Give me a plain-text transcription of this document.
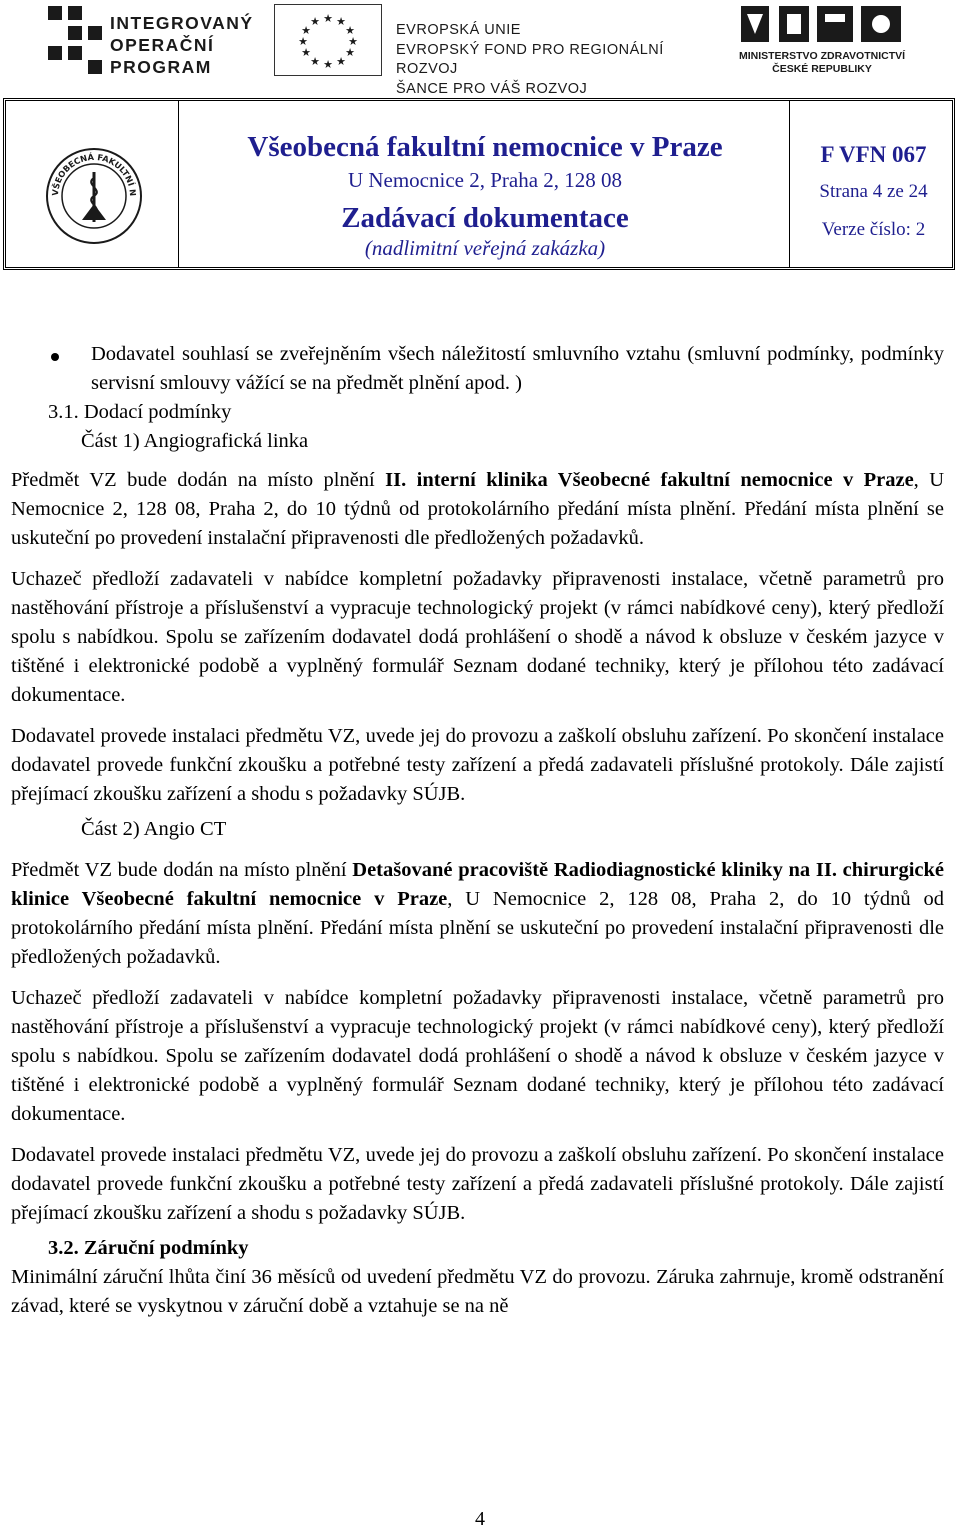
INTEGROVANÝ
OPERAČNÍ
PROGRAM
★ ★
★
★
★
★
★
★
★
★
★
★
EVROPSKÁ UNIE
EVROPSKÝ FOND PRO REGIONÁLNÍ ROZVOJ
ŠANCE PRO VÁŠ ROZVOJ
MINISTERSTVO ZDRAVOTNICTVÍ
ČESKÉ REPUBLIKY
VŠEOBECNÁ FAKULTNÍ N
Všeobecná fakultní nemocnice v Praze
U Nemocnice 2, Praha 2, 128 08
Zadávací dokumentace
(nadlimitní veřejná zakázka)
F VFN 067
Strana 4 ze 24
Verze číslo: 2

Dodavatel souhlasí se zveřejněním všech náležitostí smluvního vztahu (smluvní podmínky, podmínky servisní smlouvy vážící se na předmět plnění apod. )

3.1. Dodací podmínky

Část 1) Angiografická linka

Předmět VZ bude dodán na místo plnění II. interní klinika Všeobecné fakultní nemocnice v Praze, U Nemocnice 2, 128 08, Praha 2, do 10 týdnů od protokolárního předání místa plnění. Předání místa plnění se uskuteční po provedení instalační připravenosti dle předložených požadavků.

Uchazeč předloží zadavateli v nabídce kompletní požadavky připravenosti instalace, včetně parametrů pro nastěhování přístroje a příslušenství a vypracuje technologický projekt (v rámci nabídkové ceny), který předloží spolu s nabídkou. Spolu se zařízením dodavatel dodá prohlášení o shodě a návod k obsluze v českém jazyce v tištěné i elektronické podobě a vyplněný formulář Seznam dodané techniky, který je přílohou této zadávací dokumentace.

Dodavatel provede instalaci předmětu VZ, uvede jej do provozu a zaškolí obsluhu zařízení. Po skončení instalace dodavatel provede funkční zkoušku a potřebné testy zařízení a předá zadavateli příslušné protokoly. Dále zajistí přejímací zkoušku zařízení a shodu s požadavky SÚJB.

Část 2) Angio CT

Předmět VZ bude dodán na místo plnění Detašované pracoviště Radiodiagnostické kliniky na II. chirurgické klinice Všeobecné fakultní nemocnice v Praze, U Nemocnice 2, 128 08, Praha 2, do 10 týdnů od protokolárního předání místa plnění. Předání místa plnění se uskuteční po provedení instalační připravenosti dle předložených požadavků.

Uchazeč předloží zadavateli v nabídce kompletní požadavky připravenosti instalace, včetně parametrů pro nastěhování přístroje a příslušenství a vypracuje technologický projekt (v rámci nabídkové ceny), který předloží spolu s nabídkou. Spolu se zařízením dodavatel dodá prohlášení o shodě a návod k obsluze v českém jazyce v tištěné i elektronické podobě a vyplněný formulář Seznam dodané techniky, který je přílohou této zadávací dokumentace.

Dodavatel provede instalaci předmětu VZ, uvede jej do provozu a zaškolí obsluhu zařízení. Po skončení instalace dodavatel provede funkční zkoušku a potřebné testy zařízení a předá zadavateli příslušné protokoly. Dále zajistí přejímací zkoušku zařízení a shodu s požadavky SÚJB.

3.2. Záruční podmínky

Minimální záruční lhůta činí 36 měsíců od uvedení předmětu VZ do provozu. Záruka zahrnuje, kromě odstranění závad, které se vyskytnou v záruční době a vztahuje se na ně

4
